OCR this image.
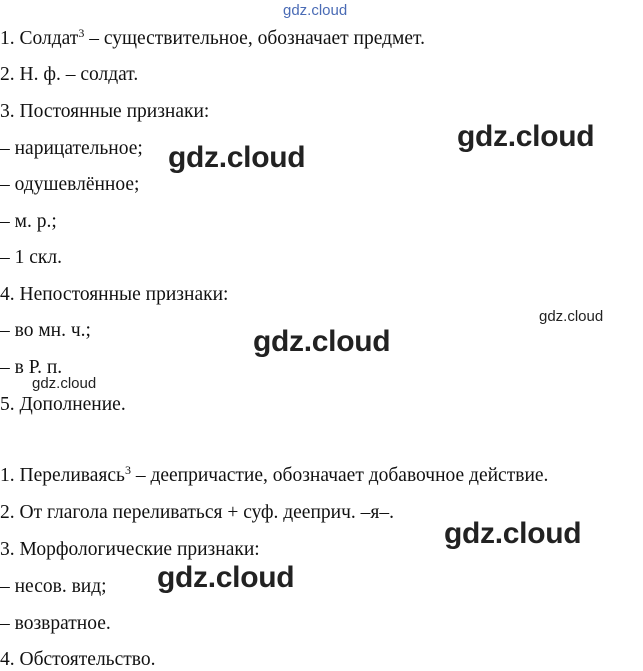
gdz.cloud
1. Солдат$^3$ – существительное, обозначает предмет.
2. Н. ф. – солдат.
3. Постоянные признаки:
– нарицательное;
– одушевлённое;
– м. р.;
– 1 скл.
4. Непостоянные признаки:
– во мн. ч.;
– в Р. п.
5. Дополнение.
1. Переливаясь$^3$ – деепричастие, обозначает добавочное действие.
2. От глагола переливаться + суф. дееприч. –я–.
3. Морфологические признаки:
– несов. вид;
– возвратное.
4. Обстоятельство.
gdz.cloud
gdz.cloud
gdz.cloud
gdz.cloud
gdz.cloud
gdz.cloud
gdz.cloud
